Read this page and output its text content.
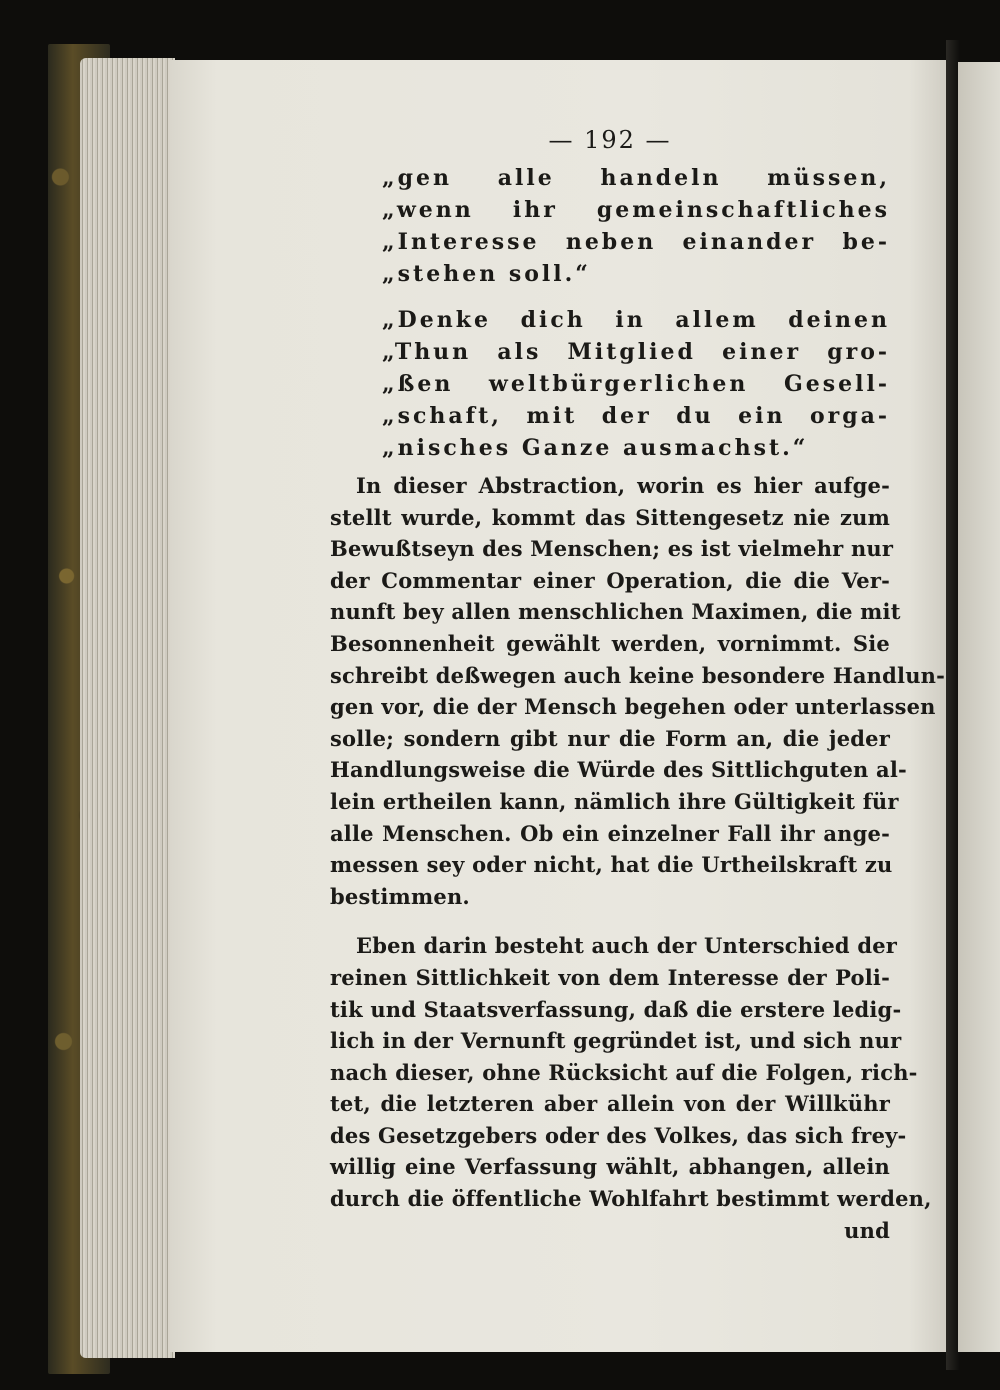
— 192 —

„gen alle handeln müssen,

„wenn ihr gemeinschaftliches

„Interesse neben einander be-

„stehen soll.“

„Denke dich in allem deinen

„Thun als Mitglied einer gro-

„ßen weltbürgerlichen Gesell-

„schaft, mit der du ein orga-

„nisches Ganze ausmachst.“

In dieser Abstraction, worin es hier aufge-

stellt wurde, kommt das Sittengesetz nie zum

Bewußtseyn des Menschen; es ist vielmehr nur

der Commentar einer Operation, die die Ver-

nunft bey allen menschlichen Maximen, die mit

Besonnenheit gewählt werden, vornimmt. Sie

schreibt deßwegen auch keine besondere Handlun-

gen vor, die der Mensch begehen oder unterlassen

solle; sondern gibt nur die Form an, die jeder

Handlungsweise die Würde des Sittlichguten al-

lein ertheilen kann, nämlich ihre Gültigkeit für

alle Menschen. Ob ein einzelner Fall ihr ange-

messen sey oder nicht, hat die Urtheilskraft zu

bestimmen.

Eben darin besteht auch der Unterschied der

reinen Sittlichkeit von dem Interesse der Poli-

tik und Staatsverfassung, daß die erstere ledig-

lich in der Vernunft gegründet ist, und sich nur

nach dieser, ohne Rücksicht auf die Folgen, rich-

tet, die letzteren aber allein von der Willkühr

des Gesetzgebers oder des Volkes, das sich frey-

willig eine Verfassung wählt, abhangen, allein

durch die öffentliche Wohlfahrt bestimmt werden,

und
